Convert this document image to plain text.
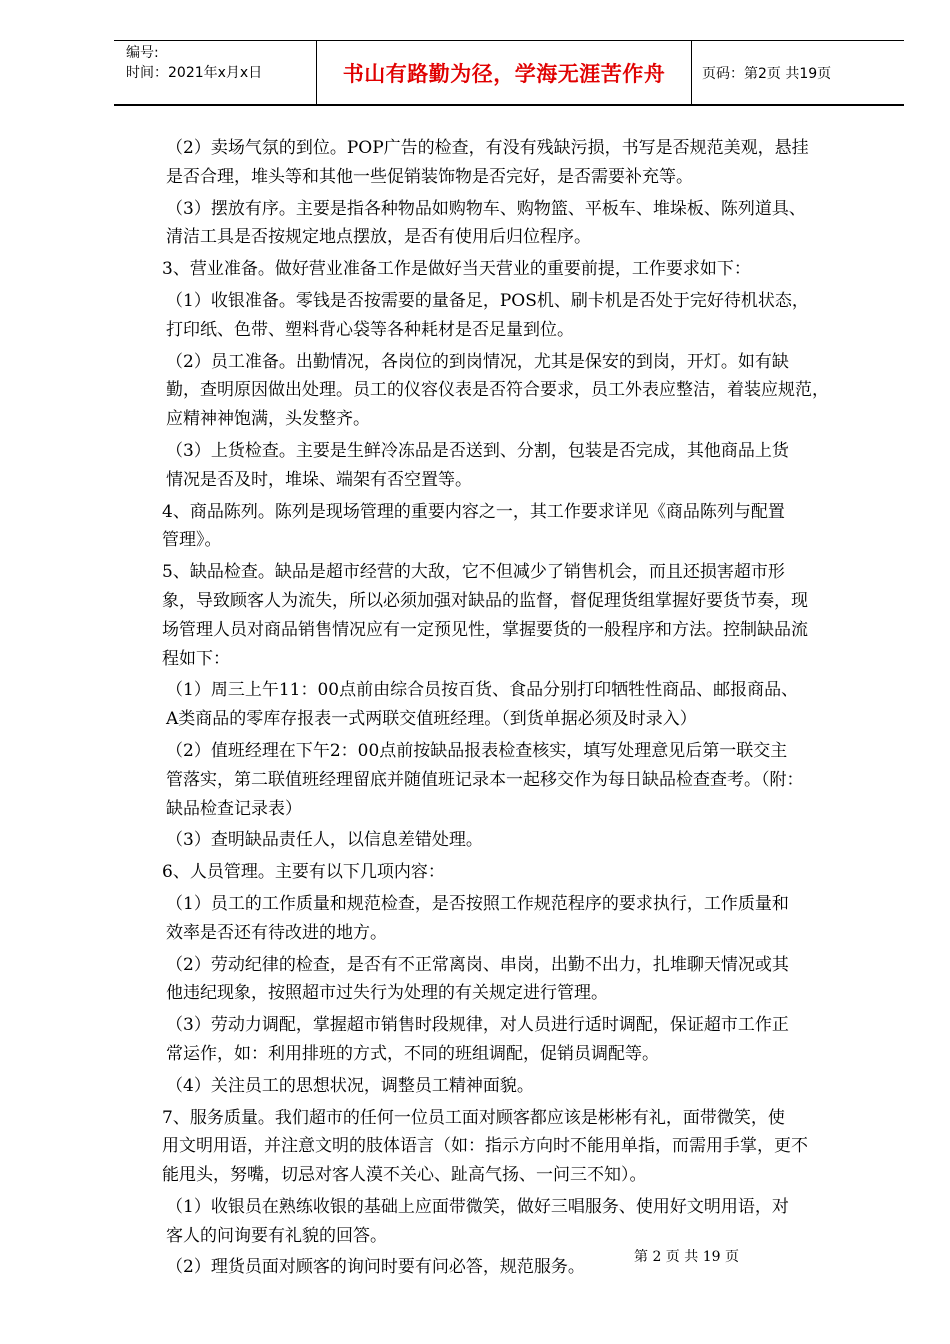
编号:
时间：2021年x月x日	书山有路勤为径，学海无涯苦作舟	页码：第2页 共19页

（2）卖场气氛的到位。POP广告的检查，有没有残缺污损，书写是否规范美观，悬挂
是否合理，堆头等和其他一些促销装饰物是否完好，是否需要补充等。

（3）摆放有序。主要是指各种物品如购物车、购物篮、平板车、堆垛板、陈列道具、
清洁工具是否按规定地点摆放，是否有使用后归位程序。

3、营业准备。做好营业准备工作是做好当天营业的重要前提，工作要求如下：

（1）收银准备。零钱是否按需要的量备足，POS机、刷卡机是否处于完好待机状态，
打印纸、色带、塑料背心袋等各种耗材是否足量到位。

（2）员工准备。出勤情况，各岗位的到岗情况，尤其是保安的到岗，开灯。如有缺
勤，查明原因做出处理。员工的仪容仪表是否符合要求，员工外表应整洁，着装应规范，
应精神神饱满，头发整齐。

（3）上货检查。主要是生鲜冷冻品是否送到、分割，包装是否完成，其他商品上货
情况是否及时，堆垛、端架有否空置等。

4、商品陈列。陈列是现场管理的重要内容之一，其工作要求详见《商品陈列与配置
管理》。

5、缺品检查。缺品是超市经营的大敌，它不但减少了销售机会，而且还损害超市形
象，导致顾客人为流失，所以必须加强对缺品的监督，督促理货组掌握好要货节奏，现
场管理人员对商品销售情况应有一定预见性，掌握要货的一般程序和方法。控制缺品流
程如下：

（1）周三上午11：00点前由综合员按百货、食品分别打印牺牲性商品、邮报商品、
A类商品的零库存报表一式两联交值班经理。（到货单据必须及时录入）

（2）值班经理在下午2：00点前按缺品报表检查核实，填写处理意见后第一联交主
管落实，第二联值班经理留底并随值班记录本一起移交作为每日缺品检查查考。（附：
缺品检查记录表）

（3）查明缺品责任人，以信息差错处理。

6、人员管理。主要有以下几项内容：

（1）员工的工作质量和规范检查，是否按照工作规范程序的要求执行，工作质量和
效率是否还有待改进的地方。

（2）劳动纪律的检查，是否有不正常离岗、串岗，出勤不出力，扎堆聊天情况或其
他违纪现象，按照超市过失行为处理的有关规定进行管理。

（3）劳动力调配，掌握超市销售时段规律，对人员进行适时调配，保证超市工作正
常运作，如：利用排班的方式，不同的班组调配，促销员调配等。

（4）关注员工的思想状况，调整员工精神面貌。

7、服务质量。我们超市的任何一位员工面对顾客都应该是彬彬有礼，面带微笑，使
用文明用语，并注意文明的肢体语言（如：指示方向时不能用单指，而需用手掌，更不
能甩头，努嘴，切忌对客人漠不关心、趾高气扬、一问三不知）。

（1）收银员在熟练收银的基础上应面带微笑，做好三唱服务、使用好文明用语，对
客人的问询要有礼貌的回答。

（2）理货员面对顾客的询问时要有问必答，规范服务。

第 2 页 共 19 页
